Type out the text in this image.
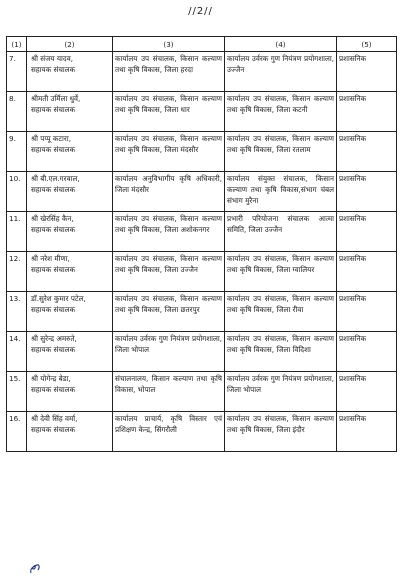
//2//
(1)	(2)	(3)	(4)	(5)
7.	श्री संजय यादव,
सहायक संचालक	कार्यालय उप संचालक, किसान कल्याण तथा कृषि विकास, जिला हरदा	कार्यालय उर्वरक गुण नियंत्रण प्रयोगशाला, उज्जैन	प्रशासनिक
8.	श्रीमती उर्मिला धुर्वे,
सहायक संचालक	कार्यालय उप संचालक, किसान कल्याण तथा कृषि विकास, जिला धार	कार्यालय उप संचालक, किसान कल्याण तथा कृषि विकास, जिला कटनी	प्रशासनिक
9.	श्री पप्पू कटारा,
सहायक संचालक	कार्यालय उप संचालक, किसान कल्याण तथा कृषि विकास, जिला मंदसौर	कार्यालय उप संचालक, किसान कल्याण तथा कृषि विकास, जिला रतलाम	प्रशासनिक
10.	श्री बी.एल.गरवाल,
सहायक संचालक	कार्यालय अनुविभागीय कृषि अधिकारी, जिला मंदसौर	कार्यालय संयुक्त संचालक, किसान कल्याण तथा कृषि विकास,संभाग चंबल संभाग मुरैना	प्रशासनिक
11.	श्री खेरसिंह कैन,
सहायक संचालक	कार्यालय उप संचालक, किसान कल्याण तथा कृषि विकास, जिला अशोकनगर	प्रभारी परियोजना संचालक आत्मा समिति, जिला उज्जैन	प्रशासनिक
12.	श्री नरेश मीणा,
सहायक संचालक	कार्यालय उप संचालक, किसान कल्याण तथा कृषि विकास, जिला उज्जैन	कार्यालय उप संचालक, किसान कल्याण तथा कृषि विकास, जिला ग्वालियर	प्रशासनिक
13.	डॉ.सुरेश कुमार पटेल,
सहायक संचालक	कार्यालय उप संचालक, किसान कल्याण तथा कृषि विकास, जिला छतरपुर	कार्यालय उप संचालक, किसान कल्याण तथा कृषि विकास, जिला रीवा	प्रशासनिक
14.	श्री सुरेन्द्र अमरुते,
सहायक संचालक	कार्यालय उर्वरक गुण नियंत्रण प्रयोगशाला, जिला भोपाल	कार्यालय उप संचालक, किसान कल्याण तथा कृषि विकास, जिला विदिशा	प्रशासनिक
15.	श्री योगेन्द्र बेडा,
सहायक संचालक	संचालनालय, किसान कल्याण तथा कृषि विकास, भोपाल	कार्यालय उर्वरक गुण नियंत्रण प्रयोगशाला, जिला भोपाल	प्रशासनिक
16.	श्री देवी सिंह वर्मा,
सहायक संचालक	कार्यालय प्राचार्य, कृषि विस्तार एवं प्रशिक्षण केन्द्र, सिंगरौली	कार्यालय उप संचालक, किसान कल्याण तथा कृषि विकास, जिला इंदौर	प्रशासनिक
